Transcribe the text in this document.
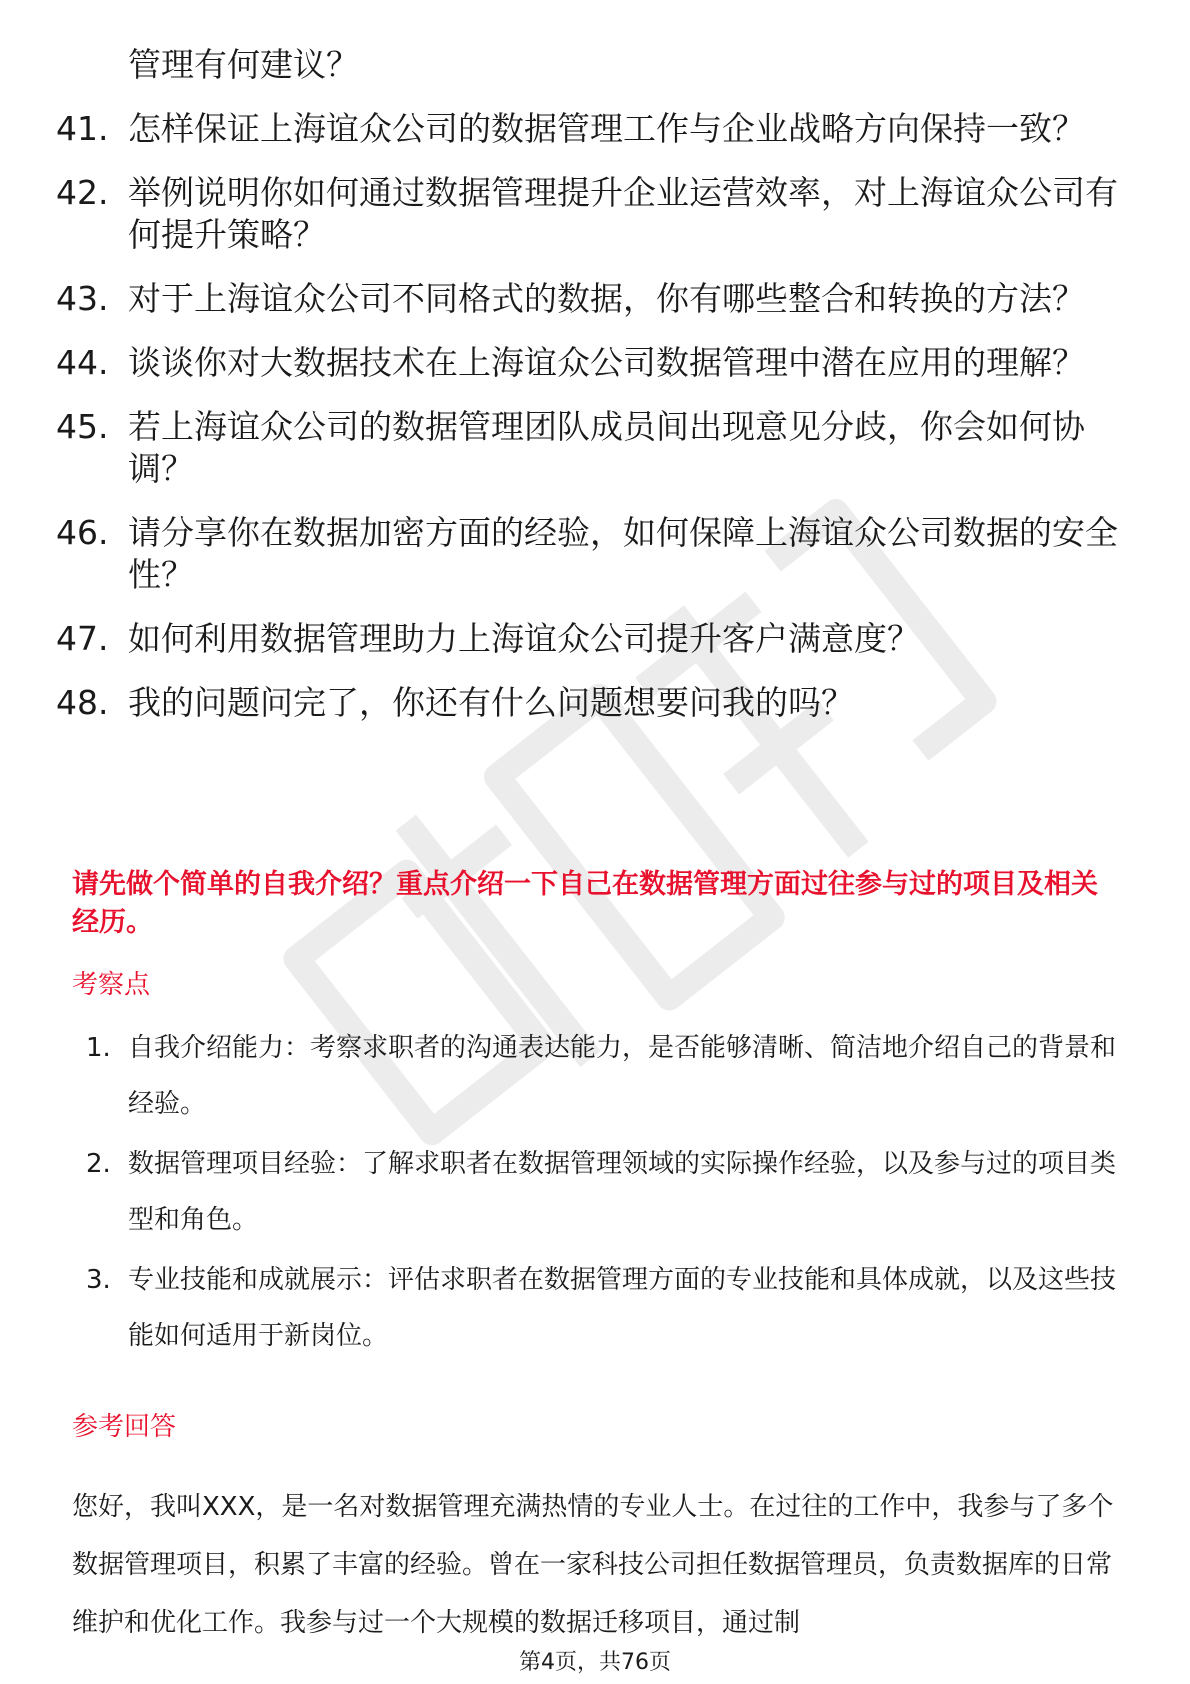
管理有何建议？
41. 怎样保证上海谊众公司的数据管理工作与企业战略方向保持一致？
42. 举例说明你如何通过数据管理提升企业运营效率，对上海谊众公司有何提升策略？
43. 对于上海谊众公司不同格式的数据，你有哪些整合和转换的方法？
44. 谈谈你对大数据技术在上海谊众公司数据管理中潜在应用的理解？
45. 若上海谊众公司的数据管理团队成员间出现意见分歧，你会如何协调？
46. 请分享你在数据加密方面的经验，如何保障上海谊众公司数据的安全性？
47. 如何利用数据管理助力上海谊众公司提升客户满意度？
48. 我的问题问完了，你还有什么问题想要问我的吗？
请先做个简单的自我介绍？重点介绍一下自己在数据管理方面过往参与过的项目及相关经历。
考察点
1. 自我介绍能力：考察求职者的沟通表达能力，是否能够清晰、简洁地介绍自己的背景和经验。
2. 数据管理项目经验：了解求职者在数据管理领域的实际操作经验，以及参与过的项目类型和角色。
3. 专业技能和成就展示：评估求职者在数据管理方面的专业技能和具体成就，以及这些技能如何适用于新岗位。
参考回答
您好，我叫XXX，是一名对数据管理充满热情的专业人士。在过往的工作中，我参与了多个数据管理项目，积累了丰富的经验。曾在一家科技公司担任数据管理员，负责数据库的日常维护和优化工作。我参与过一个大规模的数据迁移项目，通过制
第4页，共76页
